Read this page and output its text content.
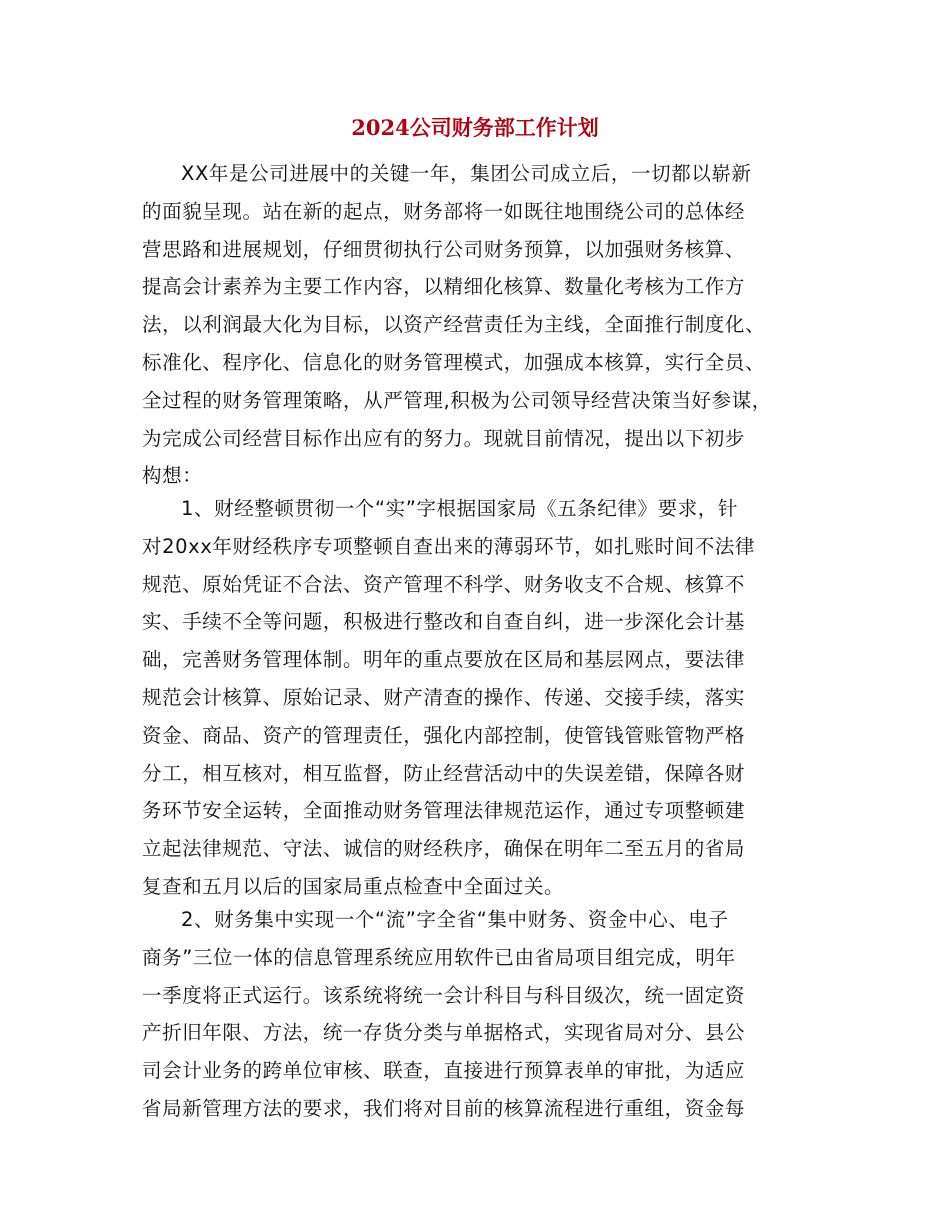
2024公司财务部工作计划
XX年是公司进展中的关键一年，集团公司成立后，一切都以崭新
的面貌呈现。站在新的起点，财务部将一如既往地围绕公司的总体经
营思路和进展规划，仔细贯彻执行公司财务预算，以加强财务核算、
提高会计素养为主要工作内容，以精细化核算、数量化考核为工作方
法，以利润最大化为目标，以资产经营责任为主线，全面推行制度化、
标准化、程序化、信息化的财务管理模式，加强成本核算，实行全员、
全过程的财务管理策略，从严管理,积极为公司领导经营决策当好参谋，
为完成公司经营目标作出应有的努力。现就目前情况，提出以下初步
构想：
1、财经整顿贯彻一个“实”字根据国家局《五条纪律》要求，针
对20xx年财经秩序专项整顿自查出来的薄弱环节，如扎账时间不法律
规范、原始凭证不合法、资产管理不科学、财务收支不合规、核算不
实、手续不全等问题，积极进行整改和自查自纠，进一步深化会计基
础，完善财务管理体制。明年的重点要放在区局和基层网点，要法律
规范会计核算、原始记录、财产清查的操作、传递、交接手续，落实
资金、商品、资产的管理责任，强化内部控制，使管钱管账管物严格
分工，相互核对，相互监督，防止经营活动中的失误差错，保障各财
务环节安全运转，全面推动财务管理法律规范运作，通过专项整顿建
立起法律规范、守法、诚信的财经秩序，确保在明年二至五月的省局
复查和五月以后的国家局重点检查中全面过关。
2、财务集中实现一个“流”字全省“集中财务、资金中心、电子
商务”三位一体的信息管理系统应用软件已由省局项目组完成，明年
一季度将正式运行。该系统将统一会计科目与科目级次，统一固定资
产折旧年限、方法，统一存货分类与单据格式，实现省局对分、县公
司会计业务的跨单位审核、联查，直接进行预算表单的审批，为适应
省局新管理方法的要求，我们将对目前的核算流程进行重组，资金每
